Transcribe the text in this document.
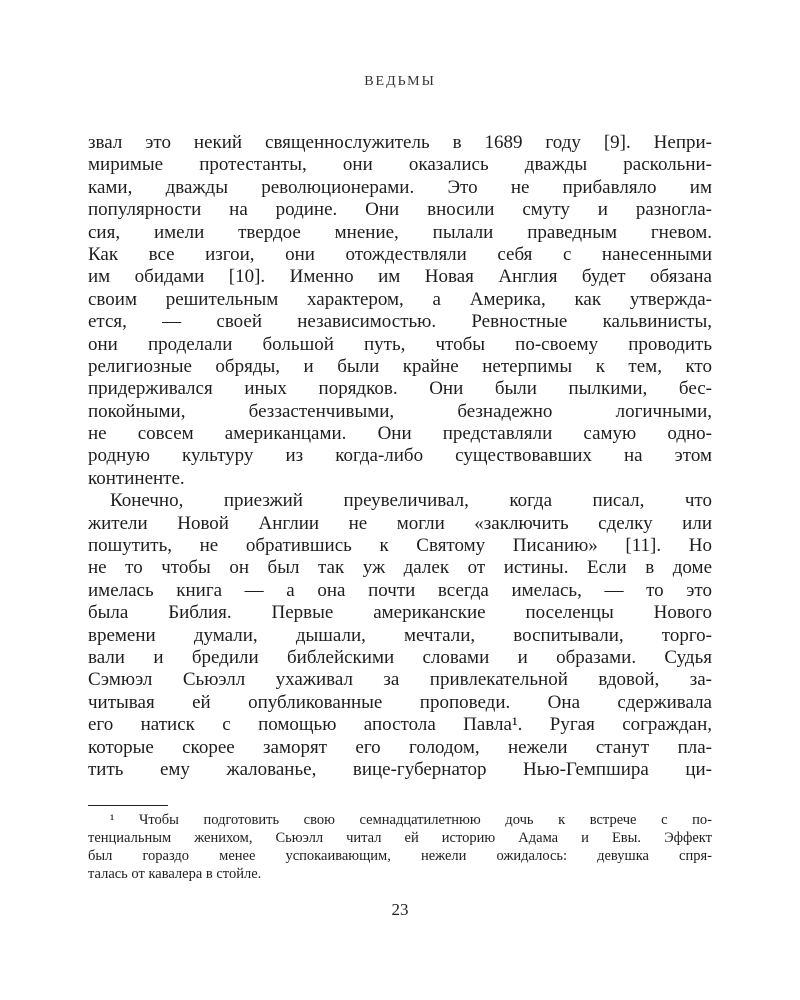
ВЕДЬМЫ
звал это некий священнослужитель в 1689 году [9]. Непри-
миримые протестанты, они оказались дважды раскольни-
ками, дважды революционерами. Это не прибавляло им
популярности на родине. Они вносили смуту и разногла-
сия, имели твердое мнение, пылали праведным гневом.
Как все изгои, они отождествляли себя с нанесенными
им обидами [10]. Именно им Новая Англия будет обязана
своим решительным характером, а Америка, как утвержда-
ется, — своей независимостью. Ревностные кальвинисты,
они проделали большой путь, чтобы по-своему проводить
религиозные обряды, и были крайне нетерпимы к тем, кто
придерживался иных порядков. Они были пылкими, бес-
покойными, беззастенчивыми, безнадежно логичными,
не совсем американцами. Они представляли самую одно-
родную культуру из когда-либо существовавших на этом
континенте.
Конечно, приезжий преувеличивал, когда писал, что
жители Новой Англии не могли «заключить сделку или
пошутить, не обратившись к Святому Писанию» [11]. Но
не то чтобы он был так уж далек от истины. Если в доме
имелась книга — а она почти всегда имелась, — то это
была Библия. Первые американские поселенцы Нового
времени думали, дышали, мечтали, воспитывали, торго-
вали и бредили библейскими словами и образами. Судья
Сэмюэл Сьюэлл ухаживал за привлекательной вдовой, за-
читывая ей опубликованные проповеди. Она сдерживала
его натиск с помощью апостола Павла¹. Ругая сограждан,
которые скорее заморят его голодом, нежели станут пла-
тить ему жалованье, вице-губернатор Нью-Гемпшира ци-
¹ Чтобы подготовить свою семнадцатилетнюю дочь к встрече с по-
тенциальным женихом, Сьюэлл читал ей историю Адама и Евы. Эффект
был гораздо менее успокаивающим, нежели ожидалось: девушка спря-
талась от кавалера в стойле.
23
